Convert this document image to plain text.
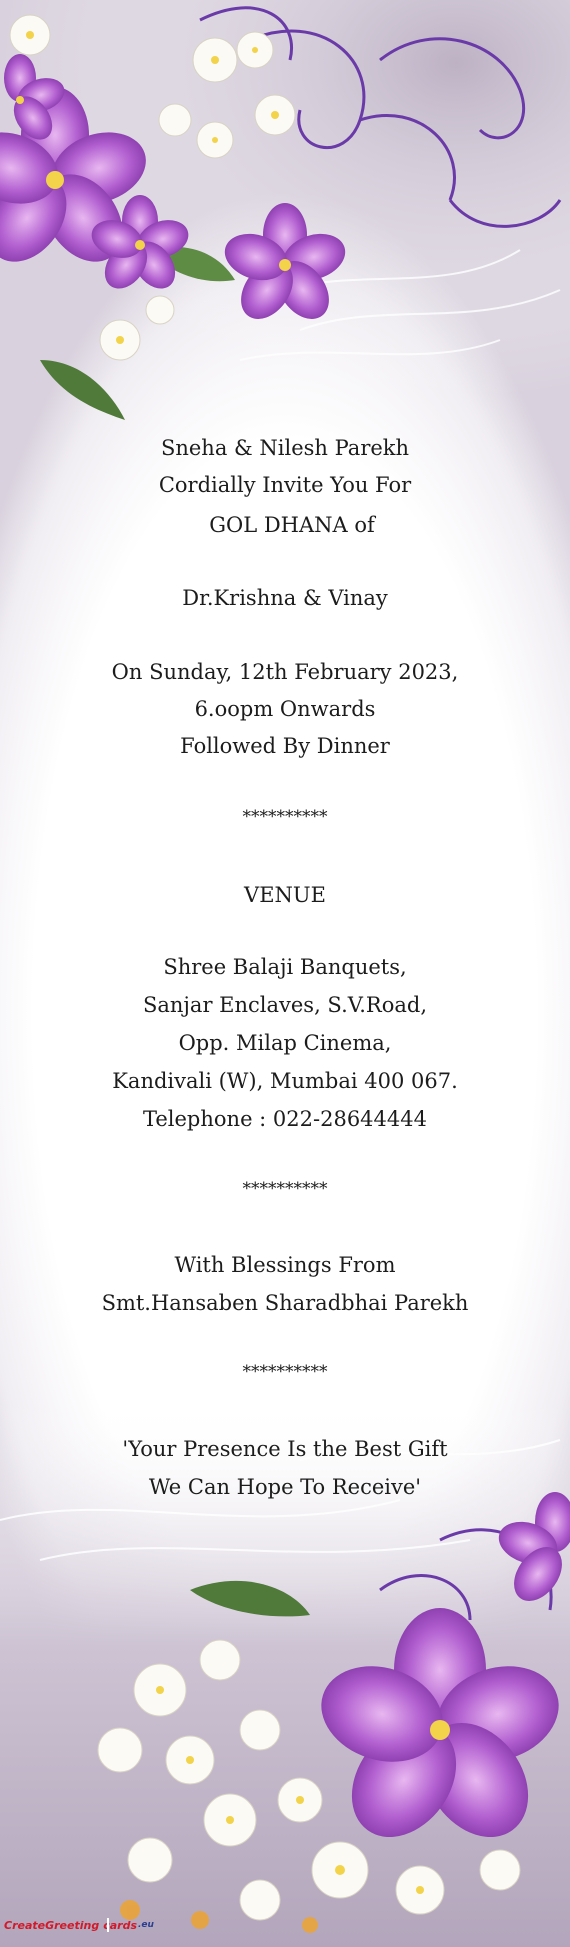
Sneha & Nilesh Parekh
Cordially Invite You For
GOL DHANA of
Dr.Krishna & Vinay
On Sunday, 12th February 2023,
6.oopm Onwards
Followed By Dinner
**********
VENUE
Shree Balaji Banquets,
Sanjar Enclaves, S.V.Road,
Opp. Milap Cinema,
Kandivali (W), Mumbai 400 067.
Telephone : 022-28644444
**********
With Blessings From
Smt.Hansaben Sharadbhai Parekh
**********
'Your Presence Is the Best Gift
We Can Hope To Receive'
CreateGreeting cards .eu
